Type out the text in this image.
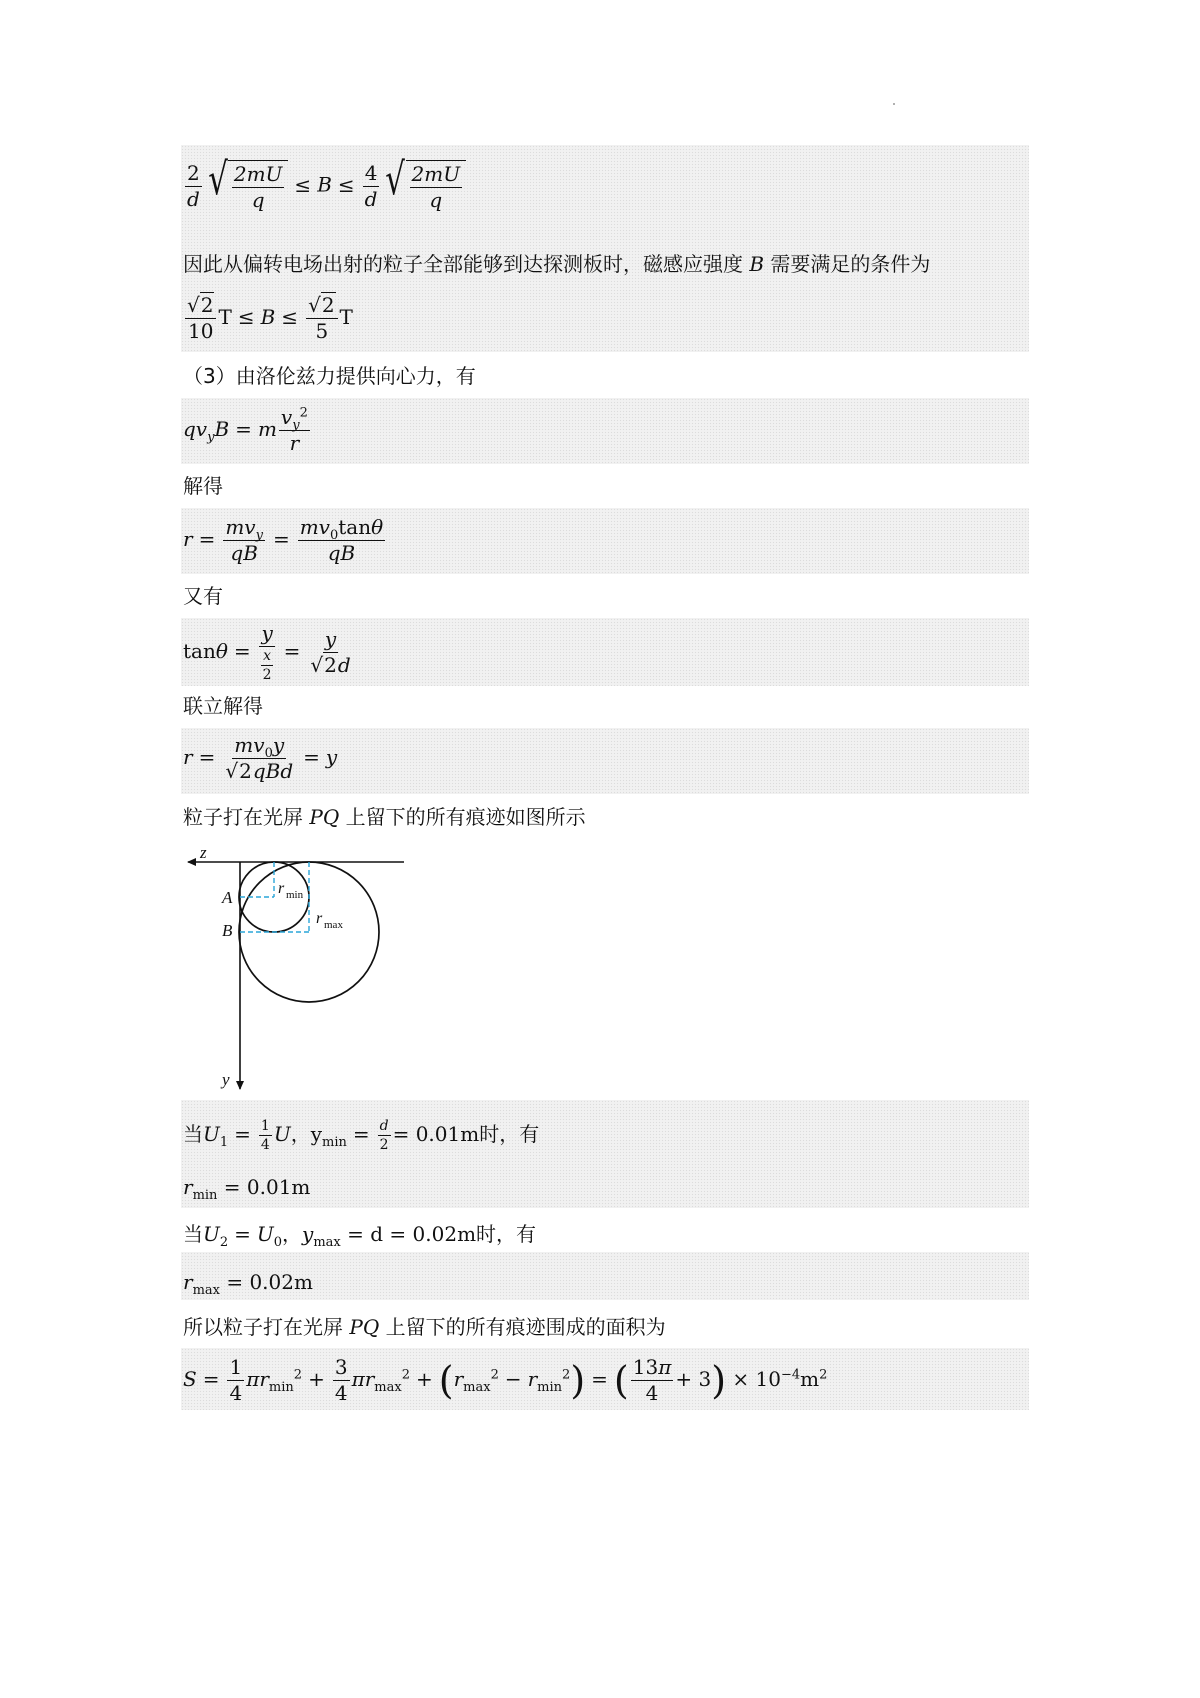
$\frac{2}{d}$ √ $\frac{2mU}{q} \le B \le \frac{4}{d}$ √ $\frac{2mU}{q}$
因此从偏转电场出射的粒子全部能够到达探测板时，磁感应强度 B 需要满足的条件为
$\frac{√2}{10}$ $T \le B \le \frac{√2}{5}$ T
（3）由洛伦兹力提供向心力，有
$qv_yB = m \frac{v_y^2}{r}$
解得
$r = \frac{mv_y}{qB} = \frac{mv_0\tan\theta}{qB}$
又有
$\tan\theta = \frac{y}{\frac{x}{2}} = \frac{y}{√2d}$
联立解得
$r = \frac{mv_0y}{\text{√2qBd}} = y$
粒子打在光屏 PQ 上留下的所有痕迹如图所示
z
y
A
B
r min
r max
当$U_1 = \frac{1}{4}$ U，$y_{min} = \frac{d}{2} = 0.01m$时，有
$r_{min} = 0.01m$
当$U_2 = U_0$，$y_{max} = d = 0.02m$时，有
$r_{max} = 0.02m$
所以粒子打在光屏 PQ 上留下的所有痕迹围成的面积为
$S = \frac{1}{4} \pi r_{min}^2 + \frac{3}{4} \pi r_{max}^2 + (r_{max}^2 - r_{min}^2)$ = ( $\frac{13\pi}{4} + 3) \times 10^{-4}m^2$
